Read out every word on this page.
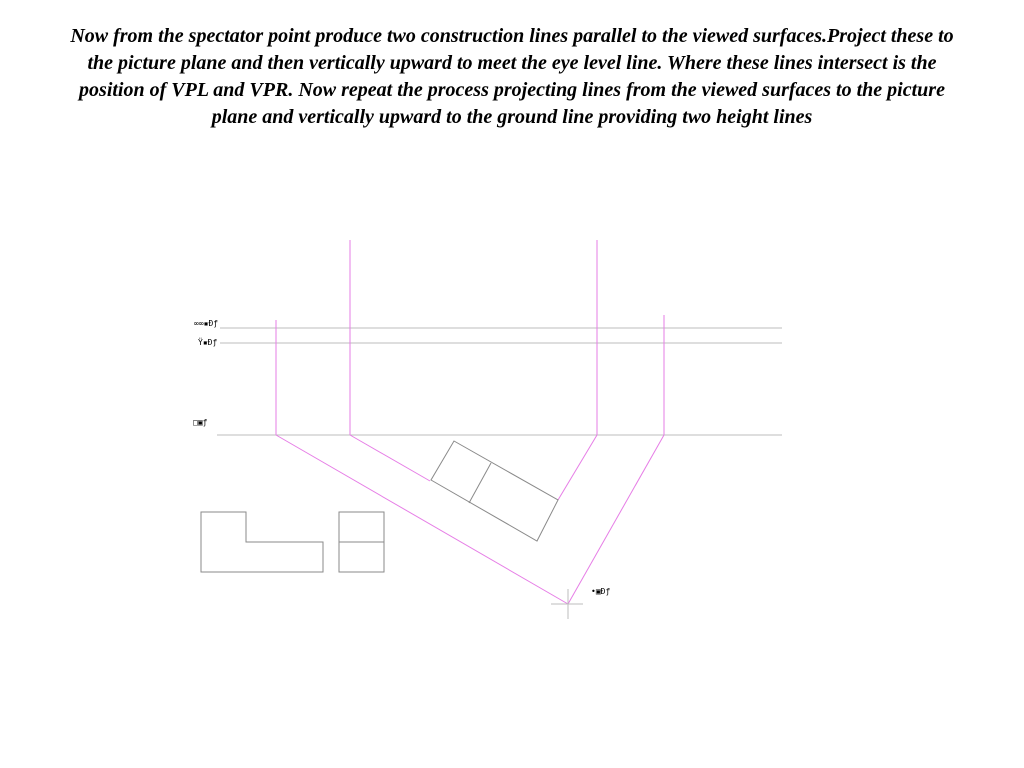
Now from the spectator point produce two construction lines parallel to the viewed surfaces.Project these to the picture plane and then vertically upward to meet the eye level line. Where these lines intersect is the position of VPL and VPR. Now repeat the process projecting lines from the viewed surfaces to the picture plane and vertically upward to the ground line providing two height lines

∞∞▪Ðƒ
Ÿ▪Ðƒ
□▣ƒ
•▣Ðƒ
